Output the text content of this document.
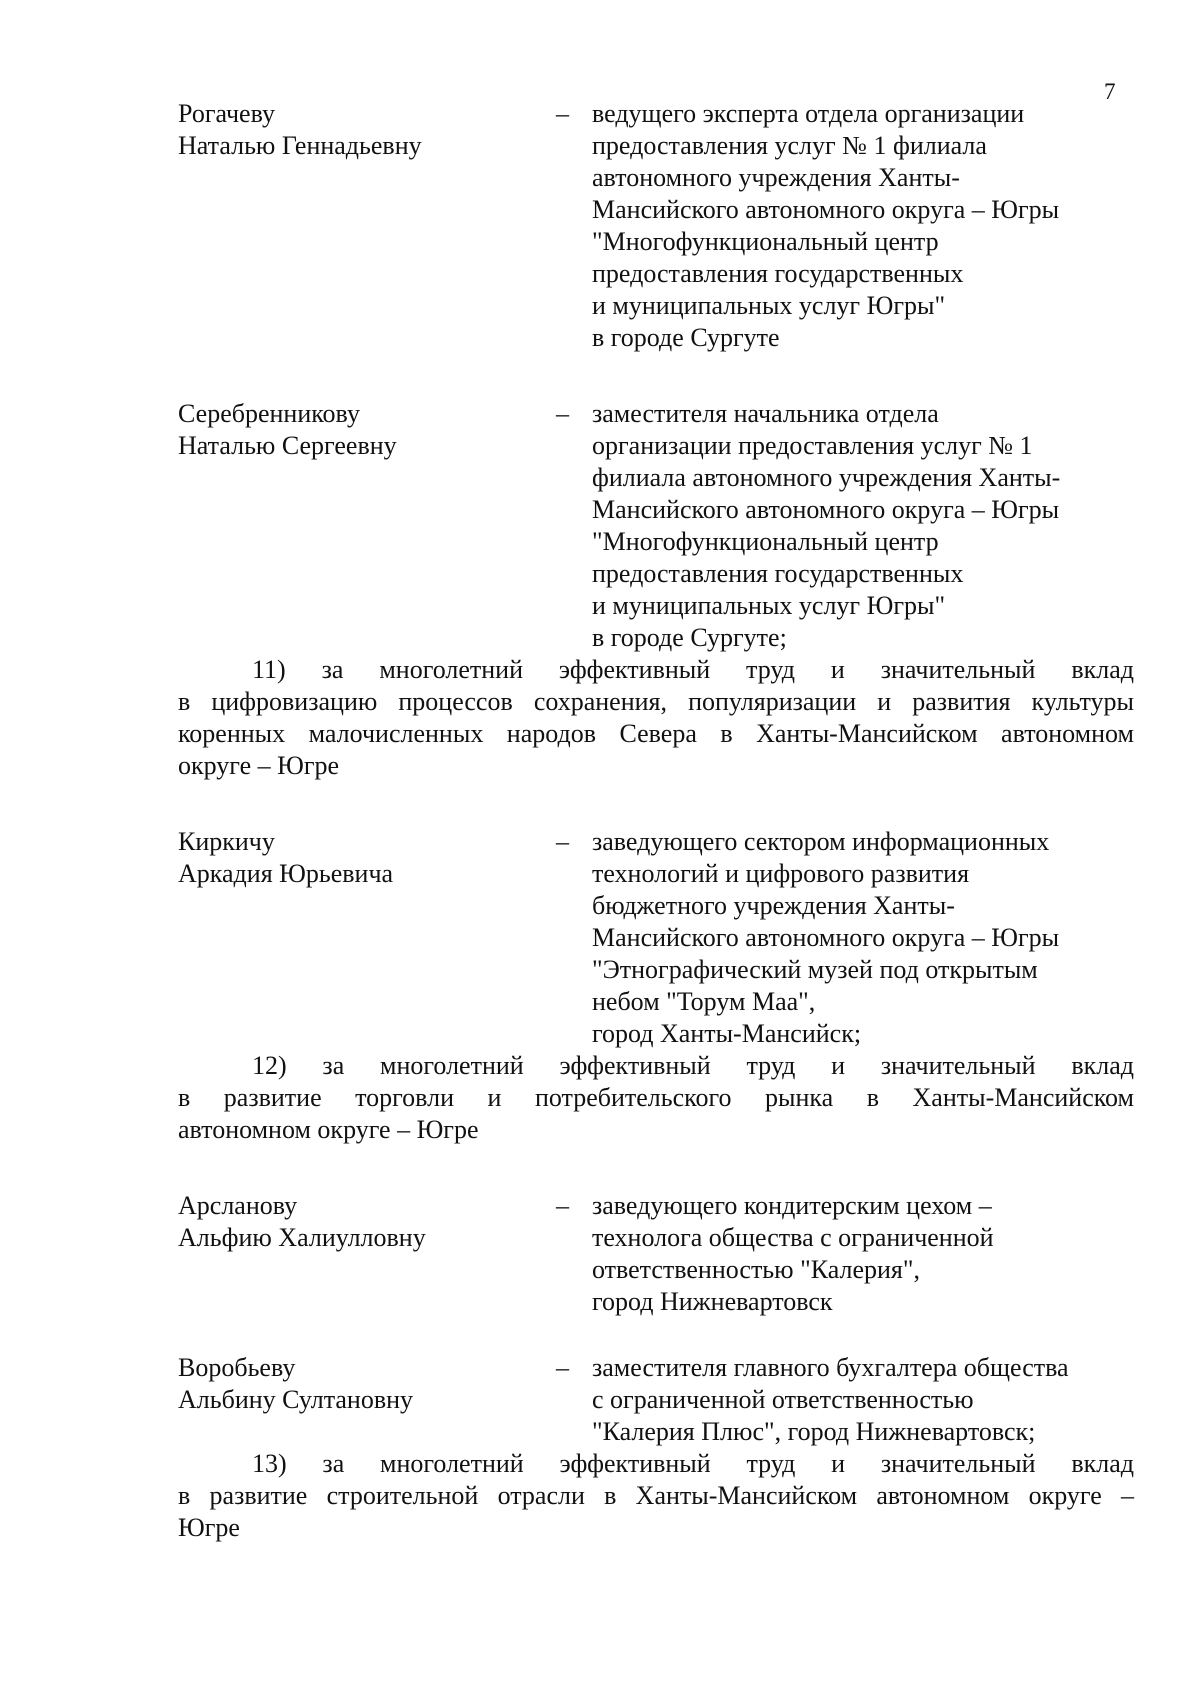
7
Рогачеву
Наталью Геннадьевну
– ведущего эксперта отдела организации
предоставления услуг № 1 филиала
автономного учреждения Ханты-
Мансийского автономного округа – Югры
"Многофункциональный центр
предоставления государственных
и муниципальных услуг Югры"
в городе Сургуте
Серебренникову
Наталью Сергеевну
– заместителя начальника отдела
организации предоставления услуг № 1
филиала автономного учреждения Ханты-
Мансийского автономного округа – Югры
"Многофункциональный центр
предоставления государственных
и муниципальных услуг Югры"
в городе Сургуте;
11) за многолетний эффективный труд и значительный вклад
в цифровизацию процессов сохранения, популяризации и развития культуры
коренных малочисленных народов Севера в Ханты-Мансийском автономном
округе – Югре
Киркичу
Аркадия Юрьевича
– заведующего сектором информационных
технологий и цифрового развития
бюджетного учреждения Ханты-
Мансийского автономного округа – Югры
"Этнографический музей под открытым
небом "Торум Маа",
город Ханты-Мансийск;
12) за многолетний эффективный труд и значительный вклад
в развитие торговли и потребительского рынка в Ханты-Мансийском
автономном округе – Югре
Арсланову
Альфию Халиулловну
– заведующего кондитерским цехом –
технолога общества с ограниченной
ответственностью "Калерия",
город Нижневартовск
Воробьеву
Альбину Султановну
– заместителя главного бухгалтера общества
с ограниченной ответственностью
"Калерия Плюс", город Нижневартовск;
13) за многолетний эффективный труд и значительный вклад
в развитие строительной отрасли в Ханты-Мансийском автономном округе –
Югре
